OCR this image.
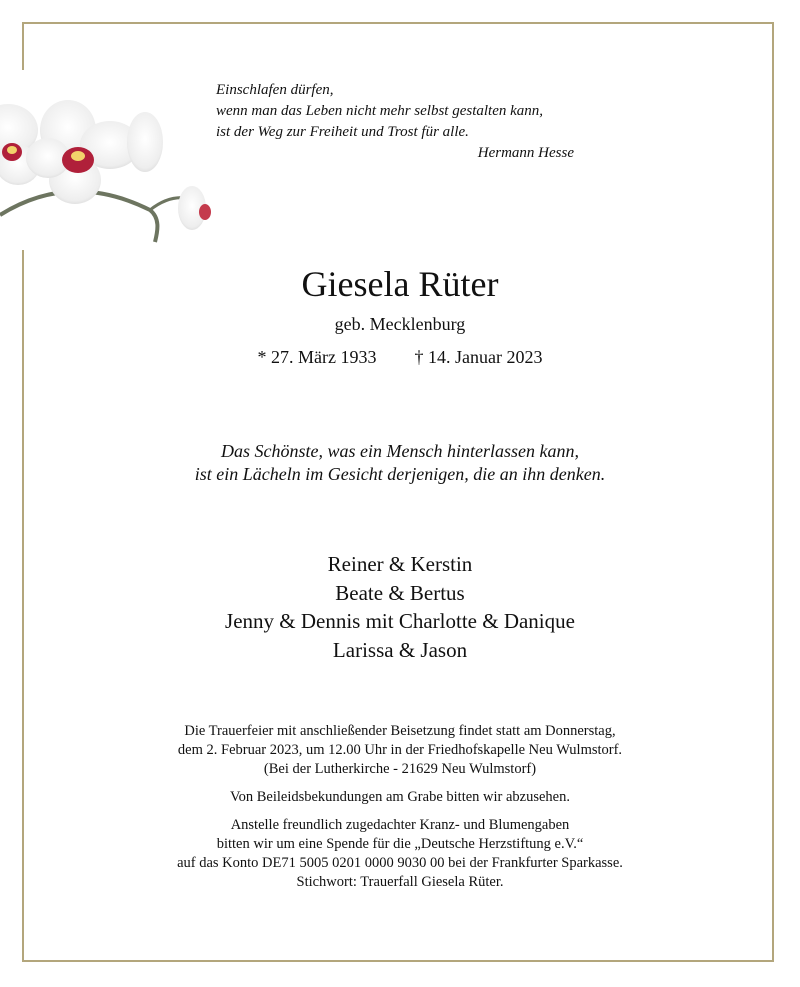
Einschlafen dürfen,
wenn man das Leben nicht mehr selbst gestalten kann,
ist der Weg zur Freiheit und Trost für alle.
Hermann Hesse
Giesela Rüter
geb. Mecklenburg
* 27. März 1933 † 14. Januar 2023
Das Schönste, was ein Mensch hinterlassen kann,
ist ein Lächeln im Gesicht derjenigen, die an ihn denken.
Reiner & Kerstin
Beate & Bertus
Jenny & Dennis mit Charlotte & Danique
Larissa & Jason
Die Trauerfeier mit anschließender Beisetzung findet statt am Donnerstag,
dem 2. Februar 2023, um 12.00 Uhr in der Friedhofskapelle Neu Wulmstorf.
(Bei der Lutherkirche - 21629 Neu Wulmstorf)
Von Beileidsbekundungen am Grabe bitten wir abzusehen.
Anstelle freundlich zugedachter Kranz- und Blumengaben
bitten wir um eine Spende für die „Deutsche Herzstiftung e.V.“
auf das Konto DE71 5005 0201 0000 9030 00 bei der Frankfurter Sparkasse.
Stichwort: Trauerfall Giesela Rüter.
